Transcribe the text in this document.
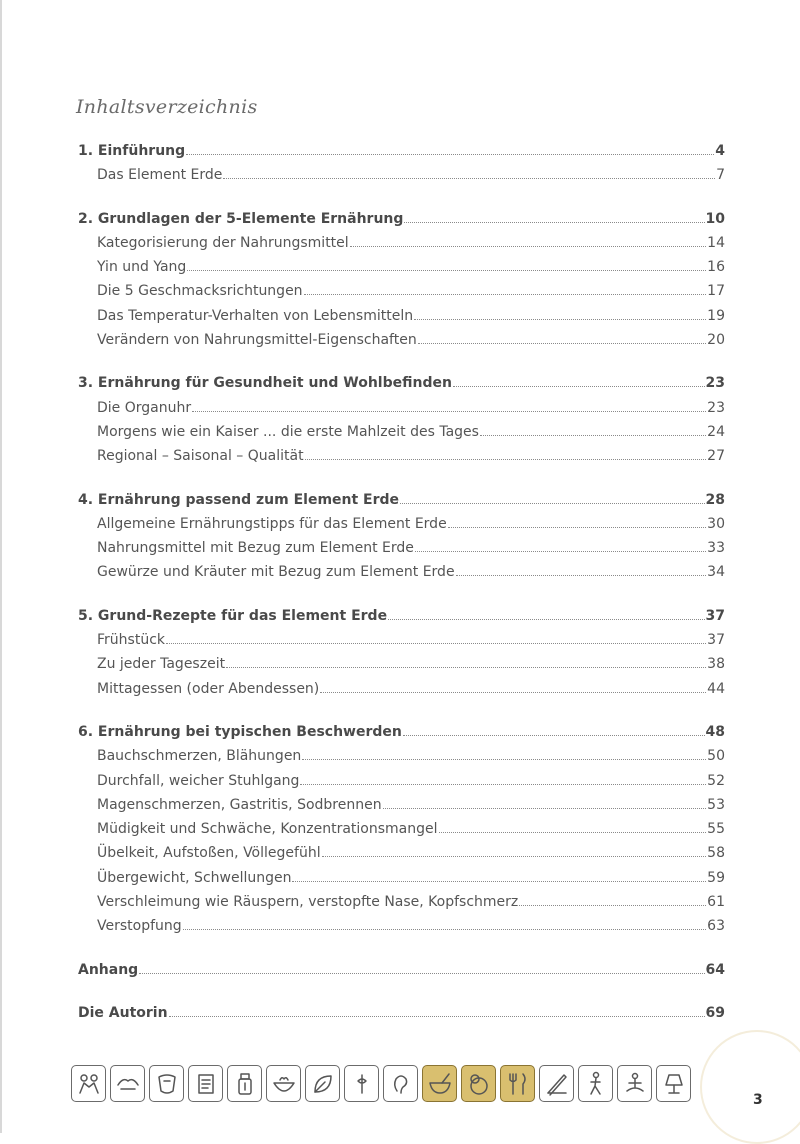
Inhaltsverzeichnis
1. Einführung	4
Das Element Erde	7
2. Grundlagen der 5-Elemente Ernährung	10
Kategorisierung der Nahrungsmittel	14
Yin und Yang	16
Die 5 Geschmacksrichtungen	17
Das Temperatur-Verhalten von Lebensmitteln	19
Verändern von Nahrungsmittel-Eigenschaften	20
3. Ernährung für Gesundheit und Wohlbefinden	23
Die Organuhr	23
Morgens wie ein Kaiser ... die erste Mahlzeit des Tages	24
Regional – Saisonal – Qualität	27
4. Ernährung passend zum Element Erde	28
Allgemeine Ernährungstipps für das Element Erde	30
Nahrungsmittel mit Bezug zum Element Erde	33
Gewürze und Kräuter mit Bezug zum Element Erde	34
5. Grund-Rezepte für das Element Erde	37
Frühstück	37
Zu jeder Tageszeit	38
Mittagessen (oder Abendessen)	44
6. Ernährung bei typischen Beschwerden	48
Bauchschmerzen, Blähungen	50
Durchfall, weicher Stuhlgang	52
Magenschmerzen, Gastritis, Sodbrennen	53
Müdigkeit und Schwäche, Konzentrationsmangel	55
Übelkeit, Aufstoßen, Völlegefühl	58
Übergewicht, Schwellungen	59
Verschleimung wie Räuspern, verstopfte Nase, Kopfschmerz	61
Verstopfung	63
Anhang	64
Die Autorin	69
3
